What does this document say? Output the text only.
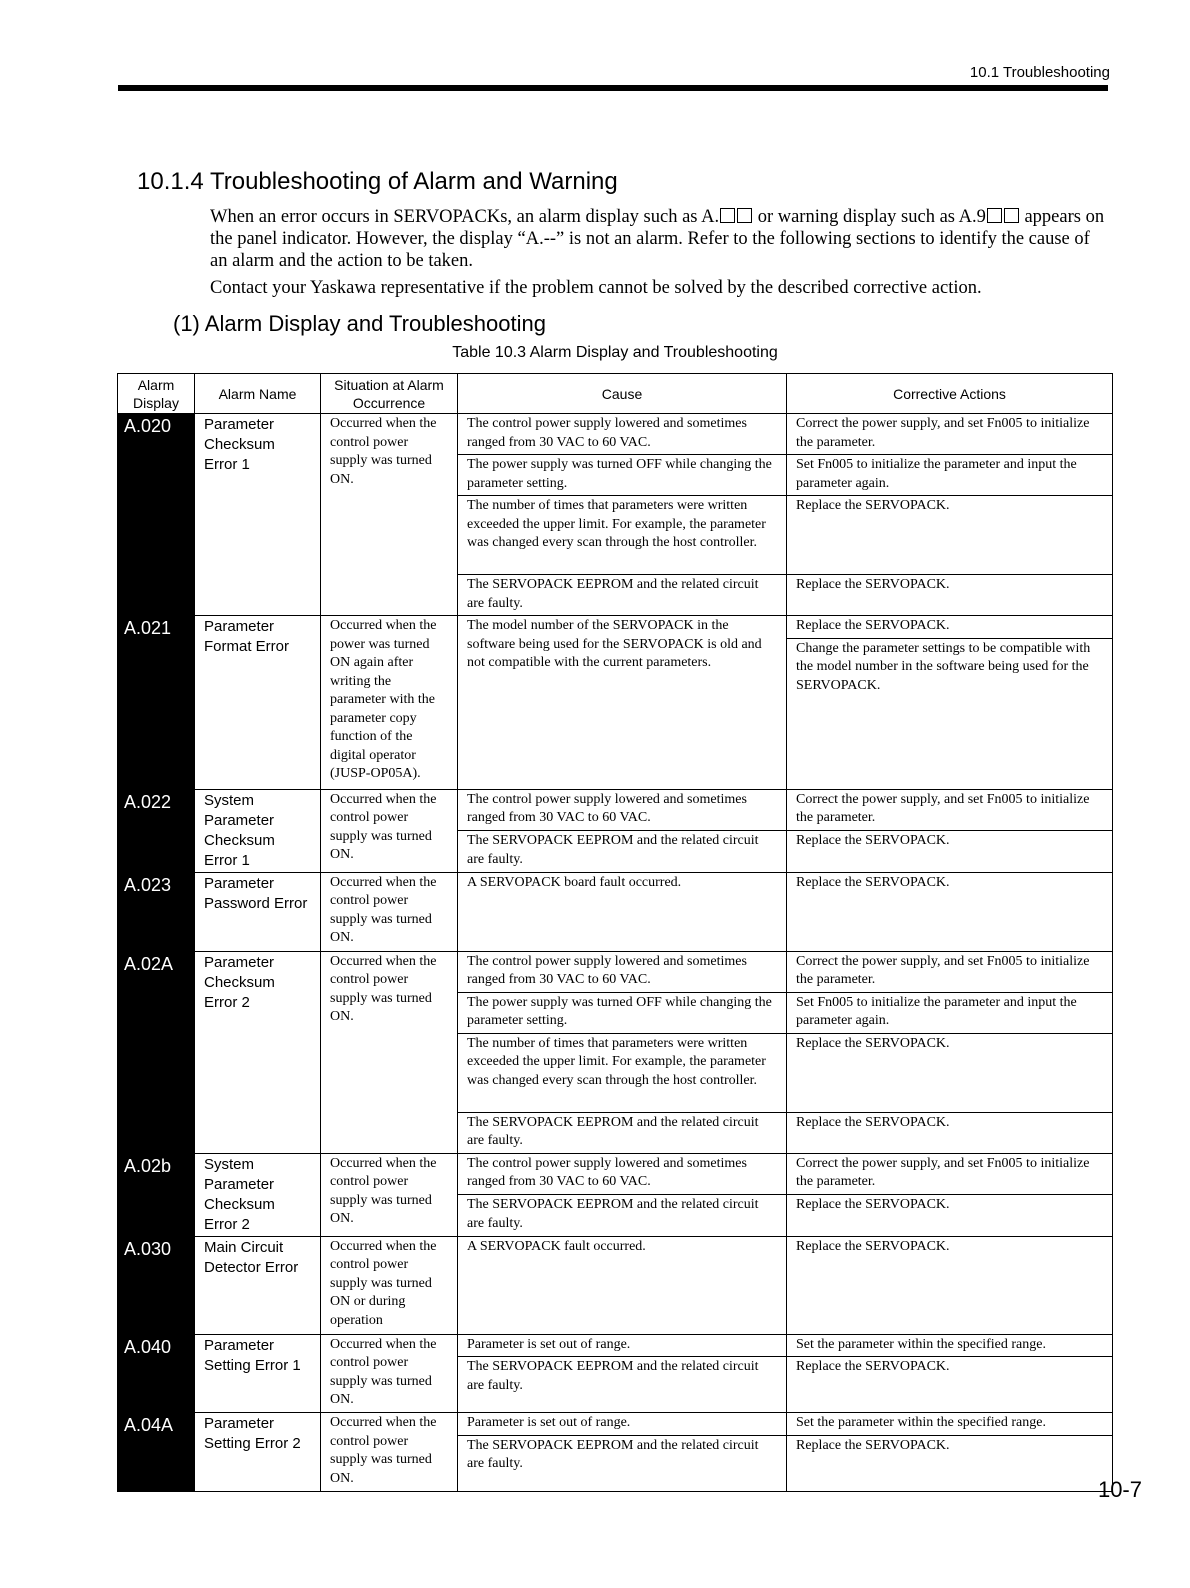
10.1 Troubleshooting
10.1.4 Troubleshooting of Alarm and Warning

When an error occurs in SERVOPACKs, an alarm display such as A. or warning display such as A.9 appears on the panel indicator. However, the display “A.--” is not an alarm. Refer to the following sections to identify the cause of an alarm and the action to be taken.

Contact your Yaskawa representative if the problem cannot be solved by the described corrective action.

(1) Alarm Display and Troubleshooting
Table 10.3 Alarm Display and Troubleshooting
Alarm Display	Alarm Name	Situation at Alarm Occurrence	Cause	Corrective Actions
A.020	Parameter Checksum Error 1	Occurred when the control power supply was turned ON.	The control power supply lowered and sometimes ranged from 30 VAC to 60 VAC.	Correct the power supply, and set Fn005 to initialize the parameter.
			The power supply was turned OFF while changing the parameter setting.	Set Fn005 to initialize the parameter and input the parameter again.
			The number of times that parameters were written exceeded the upper limit. For example, the parameter was changed every scan through the host controller.	Replace the SERVOPACK.
			The SERVOPACK EEPROM and the related circuit are faulty.	Replace the SERVOPACK.
A.021	Parameter Format Error	Occurred when the power was turned ON again after writing the parameter with the parameter copy function of the digital operator (JUSP-OP05A).	The model number of the SERVOPACK in the software being used for the SERVOPACK is old and not compatible with the current parameters.	Replace the SERVOPACK.
				Change the parameter settings to be compatible with the model number in the software being used for the SERVOPACK.
A.022	System Parameter Checksum Error 1	Occurred when the control power supply was turned ON.	The control power supply lowered and sometimes ranged from 30 VAC to 60 VAC.	Correct the power supply, and set Fn005 to initialize the parameter.
			The SERVOPACK EEPROM and the related circuit are faulty.	Replace the SERVOPACK.
A.023	Parameter Password Error	Occurred when the control power supply was turned ON.	A SERVOPACK board fault occurred.	Replace the SERVOPACK.
A.02A	Parameter Checksum Error 2	Occurred when the control power supply was turned ON.	The control power supply lowered and sometimes ranged from 30 VAC to 60 VAC.	Correct the power supply, and set Fn005 to initialize the parameter.
			The power supply was turned OFF while changing the parameter setting.	Set Fn005 to initialize the parameter and input the parameter again.
			The number of times that parameters were written exceeded the upper limit. For example, the parameter was changed every scan through the host controller.	Replace the SERVOPACK.
			The SERVOPACK EEPROM and the related circuit are faulty.	Replace the SERVOPACK.
A.02b	System Parameter Checksum Error 2	Occurred when the control power supply was turned ON.	The control power supply lowered and sometimes ranged from 30 VAC to 60 VAC.	Correct the power supply, and set Fn005 to initialize the parameter.
			The SERVOPACK EEPROM and the related circuit are faulty.	Replace the SERVOPACK.
A.030	Main Circuit Detector Error	Occurred when the control power supply was turned ON or during operation	A SERVOPACK fault occurred.	Replace the SERVOPACK.
A.040	Parameter Setting Error 1	Occurred when the control power supply was turned ON.	Parameter is set out of range.	Set the parameter within the specified range.
			The SERVOPACK EEPROM and the related circuit are faulty.	Replace the SERVOPACK.
A.04A	Parameter Setting Error 2	Occurred when the control power supply was turned ON.	Parameter is set out of range.	Set the parameter within the specified range.
			The SERVOPACK EEPROM and the related circuit are faulty.	Replace the SERVOPACK.
10-7
